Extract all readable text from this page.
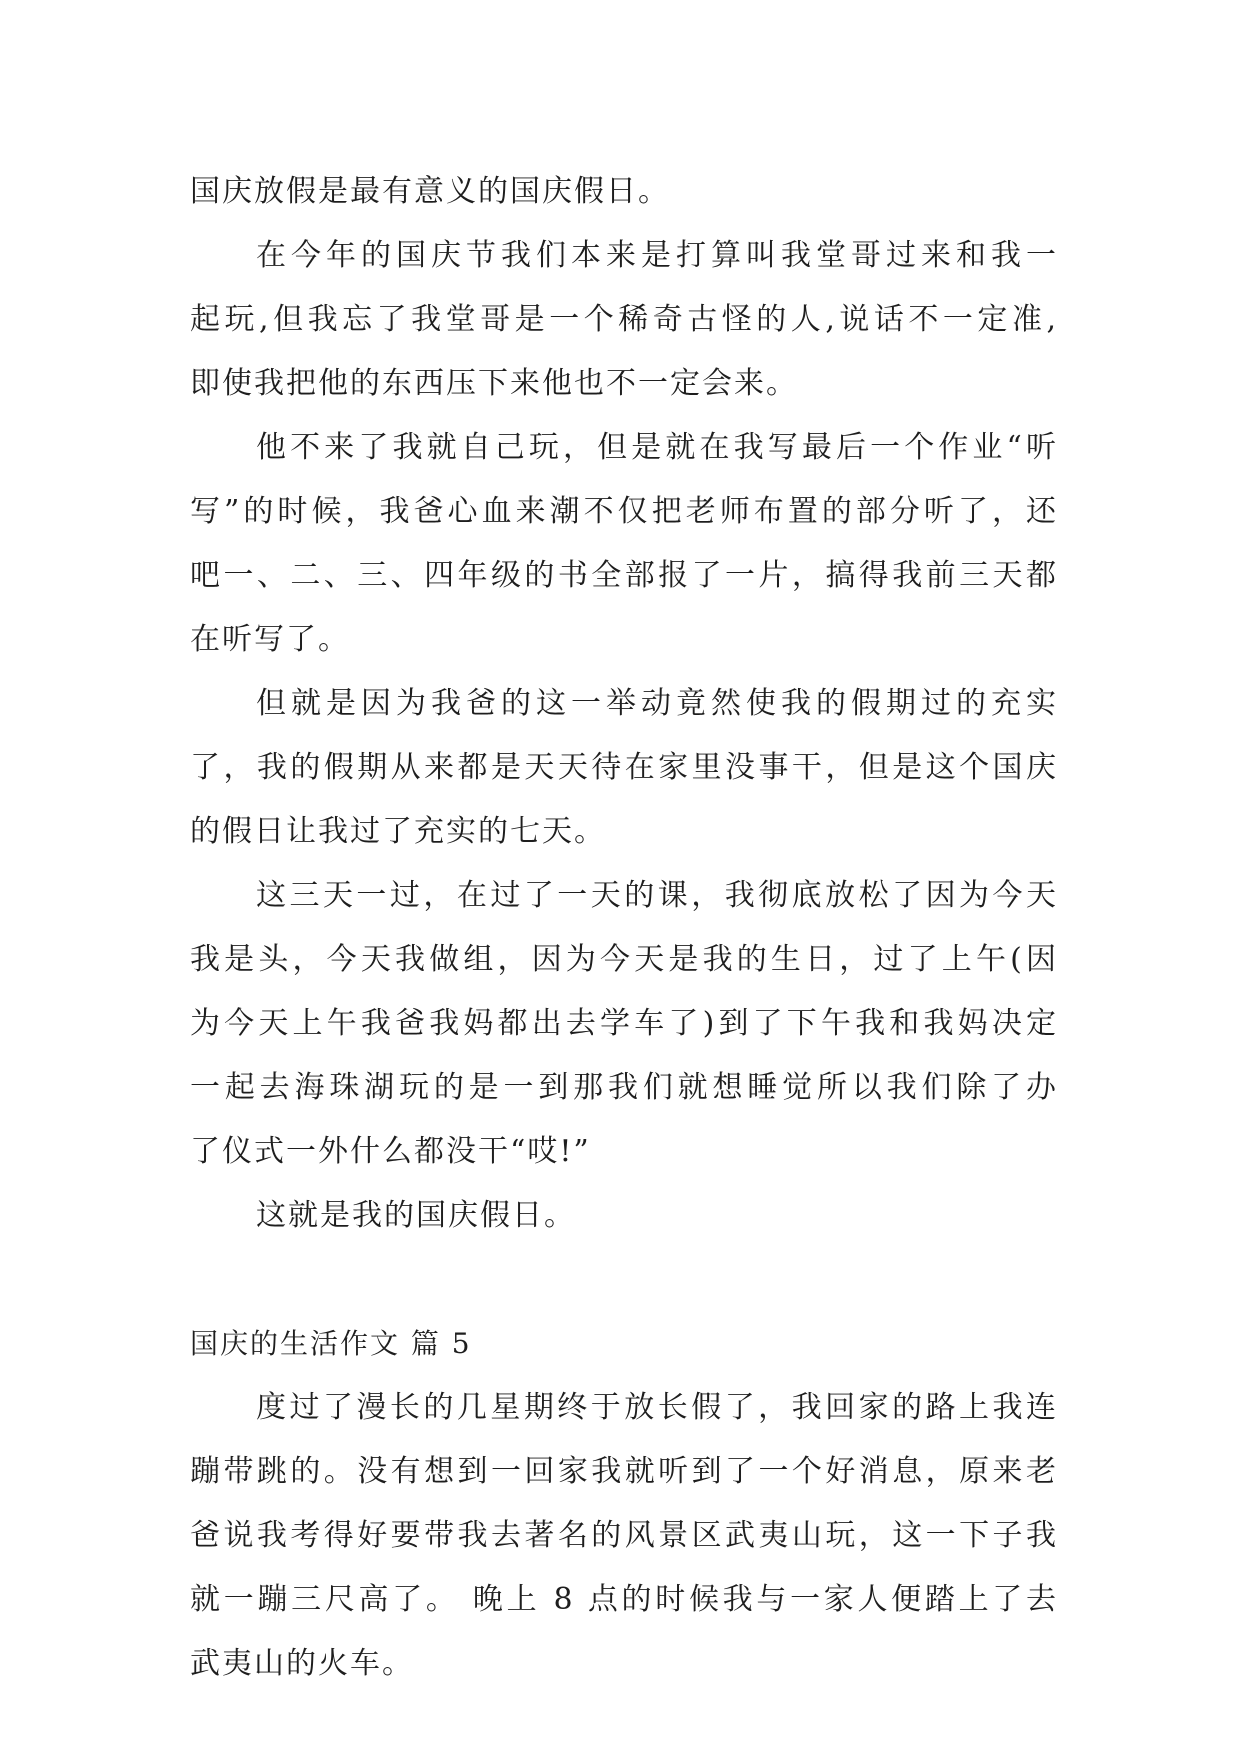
国庆放假是最有意义的国庆假日。
在今年的国庆节我们本来是打算叫我堂哥过来和我一
起玩,但我忘了我堂哥是一个稀奇古怪的人,说话不一定准,
即使我把他的东西压下来他也不一定会来。
他不来了我就自己玩，但是就在我写最后一个作业“听
写”的时候，我爸心血来潮不仅把老师布置的部分听了，还
吧一、二、三、四年级的书全部报了一片，搞得我前三天都
在听写了。
但就是因为我爸的这一举动竟然使我的假期过的充实
了，我的假期从来都是天天待在家里没事干，但是这个国庆
的假日让我过了充实的七天。
这三天一过，在过了一天的课，我彻底放松了因为今天
我是头，今天我做组，因为今天是我的生日，过了上午(因
为今天上午我爸我妈都出去学车了)到了下午我和我妈决定
一起去海珠湖玩的是一到那我们就想睡觉所以我们除了办
了仪式一外什么都没干“哎!”
这就是我的国庆假日。
国庆的生活作文 篇 5
度过了漫长的几星期终于放长假了，我回家的路上我连
蹦带跳的。没有想到一回家我就听到了一个好消息，原来老
爸说我考得好要带我去著名的风景区武夷山玩，这一下子我
就一蹦三尺高了。 晚上 8 点的时候我与一家人便踏上了去
武夷山的火车。
